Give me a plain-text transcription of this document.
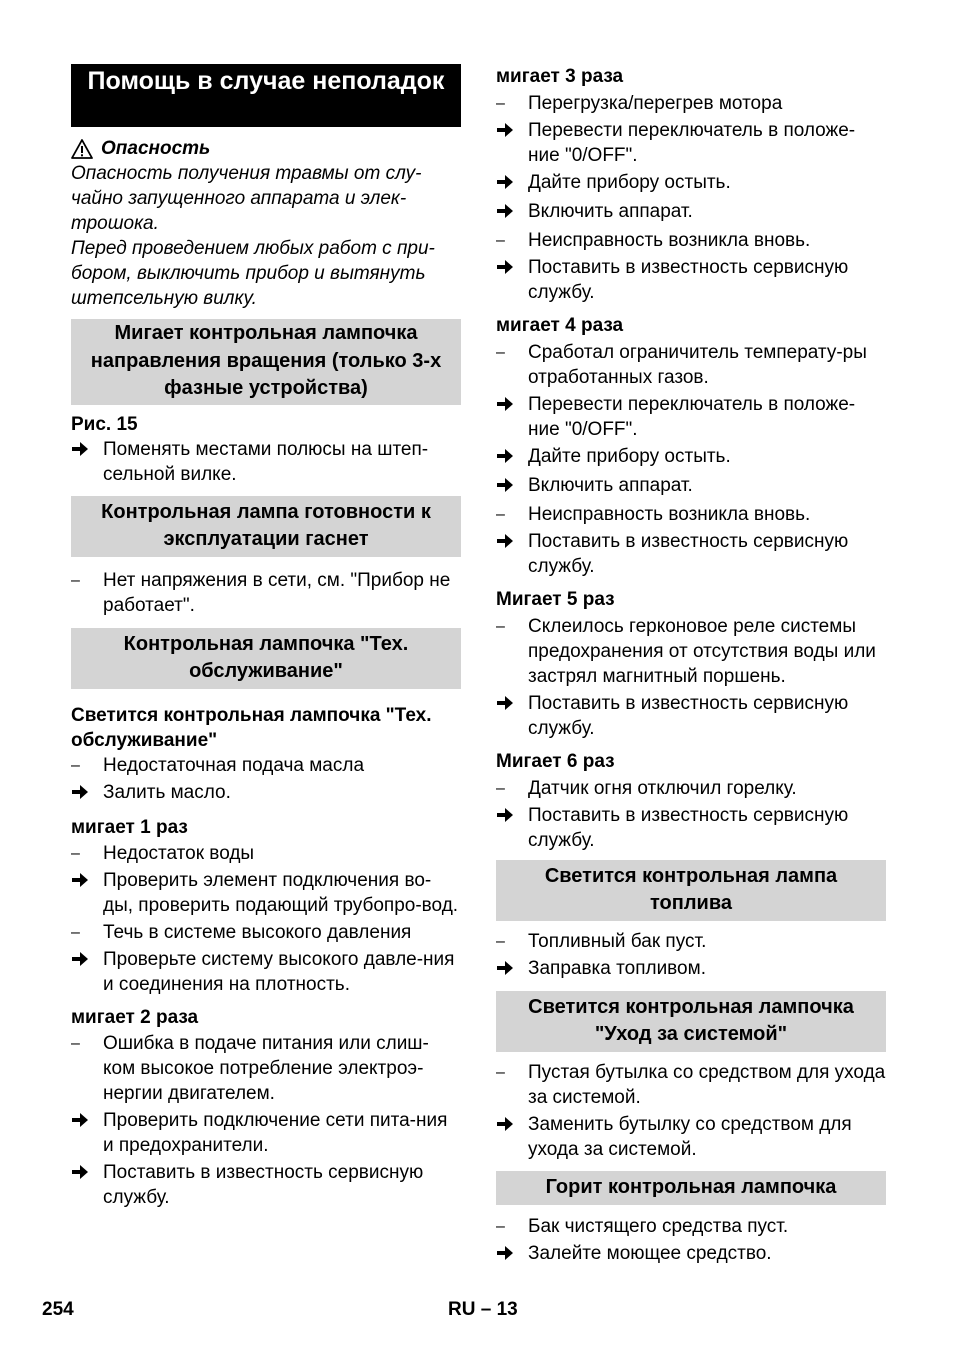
Помощь в случае неполадок
Опасность
Опасность получения травмы от слу-чайно запущенного аппарата и элек-трошока.
Перед проведением любых работ с при-бором, выключить прибор и вытянуть штепсельную вилку.
Мигает контрольная лампочка направления вращения (только 3-х фазные устройства)
Рис. 15
Поменять местами полюсы на штеп-сельной вилке.
Контрольная лампа готовности к эксплуатации гаснет
–	Нет напряжения в сети, см. "Прибор не работает".
Контрольная лампочка "Тех. обслуживание"
Светится контрольная лампочка "Тех. обслуживание"
–	Недостаточная подача масла
Залить масло.
мигает 1 раз
–	Недостаток воды
Проверить элемент подключения во-ды, проверить подающий трубопро-вод.
–	Течь в системе высокого давления
Проверьте систему высокого давле-ния и соединения на плотность.
мигает 2 раза
–	Ошибка в подаче питания или слиш-ком высокое потребление электроэ-нергии двигателем.
Проверить подключение сети пита-ния и предохранители.
Поставить в известность сервисную службу.
мигает 3 раза
–	Перегрузка/перегрев мотора
Перевести переключатель в положе-ние "0/OFF".
Дайте прибору остыть.
Включить аппарат.
–	Неисправность возникла вновь.
Поставить в известность сервисную службу.
мигает 4 раза
–	Сработал ограничитель температу-ры отработанных газов.
Перевести переключатель в положе-ние "0/OFF".
Дайте прибору остыть.
Включить аппарат.
–	Неисправность возникла вновь.
Поставить в известность сервисную службу.
Мигает 5 раз
–	Склеилось герконовое реле системы предохранения от отсутствия воды или застрял магнитный поршень.
Поставить в известность сервисную службу.
Мигает 6 раз
–	Датчик огня отключил горелку.
Поставить в известность сервисную службу.
Светится контрольная лампа топлива
–	Топливный бак пуст.
Заправка топливом.
Светится контрольная лампочка "Уход за системой"
–	Пустая бутылка со средством для ухода за системой.
Заменить бутылку со средством для ухода за системой.
Горит контрольная лампочка
–	Бак чистящего средства пуст.
Залейте моющее средство.
254	RU – 13
